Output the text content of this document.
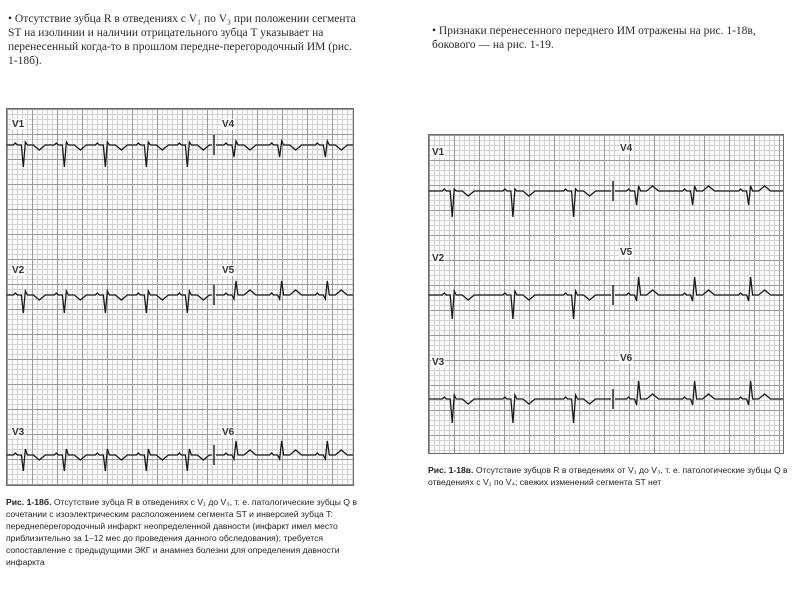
• Отсутствие зубца R в отведениях с V₁ по V₃ при положении сегмента ST на изолинии и наличии отрицательного зубца T указывает на перенесенный когда-то в прошлом передне-перегородочный ИМ (рис. 1-18б).
V1	V4
V2	V5
V3	V6
Рис. 1-18б. Отсутствие зубца R в отведениях с V₁ до V₃, т. е. патологические зубцы Q в сочетании с изоэлектрическим расположением сегмента ST и инверсией зубца T: переднеперегородочный инфаркт неопределенной давности (инфаркт имел место приблизительно за 1–12 мес до проведения данного обследования); требуется сопоставление с предыдущими ЭКГ и анамнез болезни для определения давности инфаркта
• Признаки перенесенного переднего ИМ отражены на рис. 1-18в, бокового — на рис. 1-19.
V1	V4
V2
V5
V3	V6
Рис. 1-18в. Отсутствие зубцов R в отведениях от V₁ до V₃, т. е. патологические зубцы Q в отведениях с V₁ по V₄; свежих изменений сегмента ST нет
